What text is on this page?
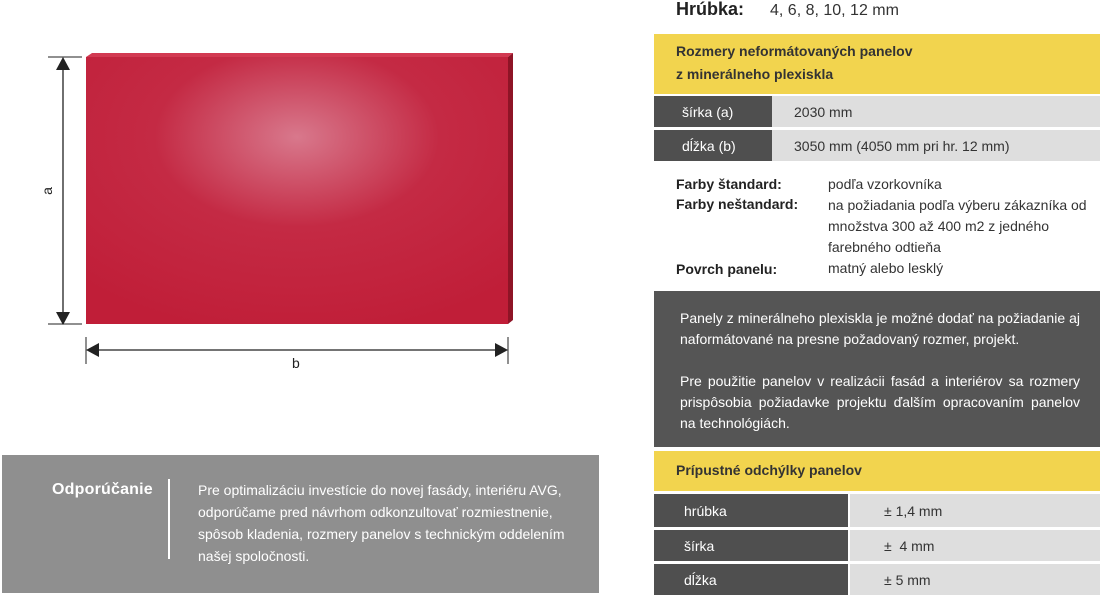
a
b
Odporúčanie	Pre optimalizáciu investície do novej fasády, interiéru AVG, odporúčame pred návrhom odkonzultovať rozmiestnenie, spôsob kladenia, rozmery panelov s technickým oddelením našej spoločnosti.
Hrúbka: 4, 6, 8, 10, 12 mm
Rozmery neformátovaných panelov
z minerálneho plexiskla
šírka (a)	2030 mm
dĺžka (b)	3050 mm (4050 mm pri hr. 12 mm)
Farby štandard:	podľa vzorkovníka
Farby neštandard: na požiadania podľa výberu zákazníka od množstva 300 až 400 m2 z jedného farebného odtieňa
Povrch panelu:	matný alebo lesklý

Panely z minerálneho plexiskla je možné dodať na požiadanie aj naformátované na presne požadovaný rozmer, projekt.

Pre použitie panelov v realizácii fasád a interiérov sa rozmery prispôsobia požiadavke projektu ďalším opracovaním panelov na technológiách.

Prípustné odchýlky panelov
hrúbka	± 1,4 mm
šírka	±  4 mm
dĺžka	± 5 mm
